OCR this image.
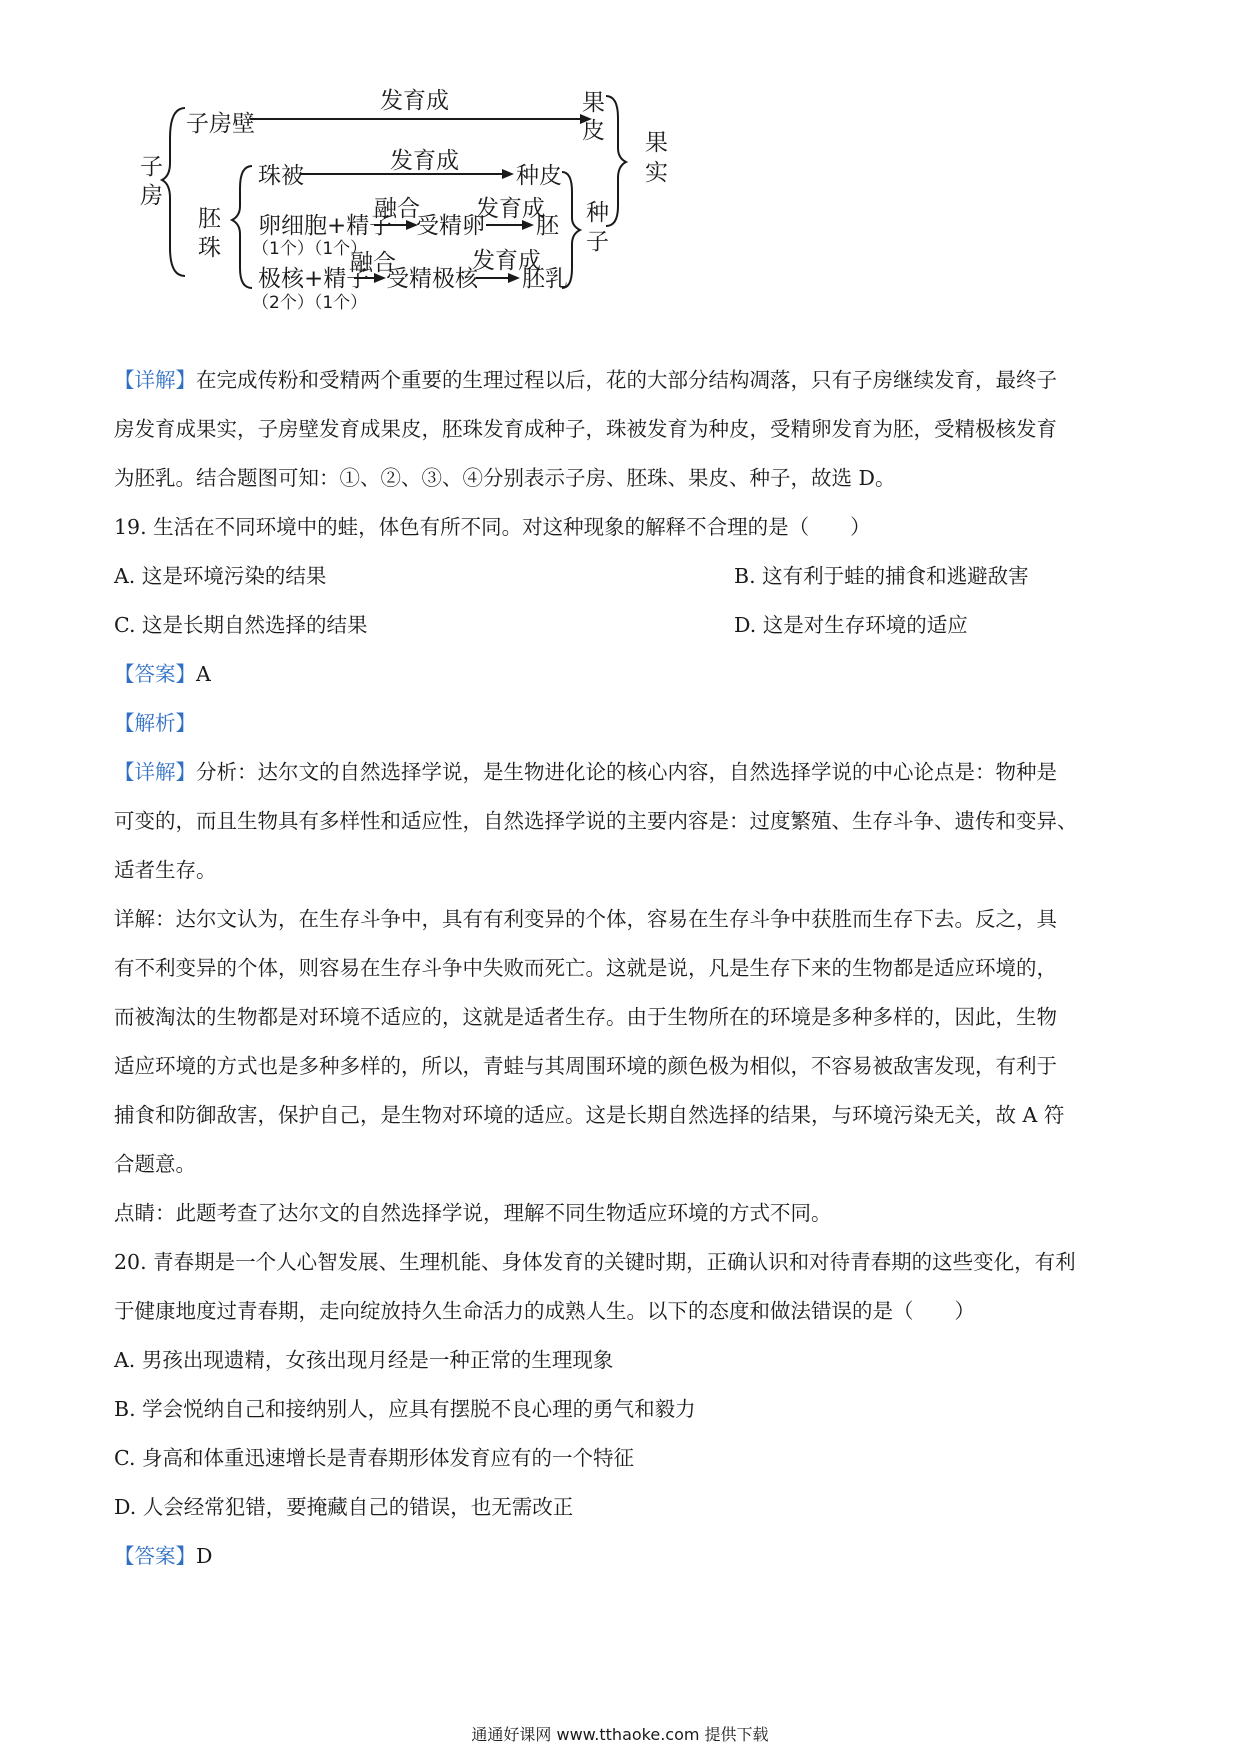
子
房
子房壁
发育成	果
皮 果
实
胚
珠
珠被
发育成
种皮
卵细胞+精子
（1个）（1个）
融合
受精卵
发育成
胚 种
子
极核+精子
（2个）（1个）
融合
受精极核
发育成
胚乳
【详解】在完成传粉和受精两个重要的生理过程以后，花的大部分结构凋落，只有子房继续发育，最终子
房发育成果实，子房壁发育成果皮，胚珠发育成种子，珠被发育为种皮，受精卵发育为胚，受精极核发育
为胚乳。结合题图可知：①、②、③、④分别表示子房、胚珠、果皮、种子，故选 D。
19. 生活在不同环境中的蛙，体色有所不同。对这种现象的解释不合理的是（　　）
A. 这是环境污染的结果	B. 这有利于蛙的捕食和逃避敌害
C. 这是长期自然选择的结果	D. 这是对生存环境的适应
【答案】A
【解析】
【详解】分析：达尔文的自然选择学说，是生物进化论的核心内容，自然选择学说的中心论点是：物种是
可变的，而且生物具有多样性和适应性，自然选择学说的主要内容是：过度繁殖、生存斗争、遗传和变异、
适者生存。
详解：达尔文认为，在生存斗争中，具有有利变异的个体，容易在生存斗争中获胜而生存下去。反之，具
有不利变异的个体，则容易在生存斗争中失败而死亡。这就是说，凡是生存下来的生物都是适应环境的，
而被淘汰的生物都是对环境不适应的，这就是适者生存。由于生物所在的环境是多种多样的，因此，生物
适应环境的方式也是多种多样的，所以，青蛙与其周围环境的颜色极为相似，不容易被敌害发现，有利于
捕食和防御敌害，保护自己，是生物对环境的适应。这是长期自然选择的结果，与环境污染无关，故 A 符
合题意。
点睛：此题考查了达尔文的自然选择学说，理解不同生物适应环境的方式不同。
20. 青春期是一个人心智发展、生理机能、身体发育的关键时期，正确认识和对待青春期的这些变化，有利
于健康地度过青春期，走向绽放持久生命活力的成熟人生。以下的态度和做法错误的是（　　）
A. 男孩出现遗精，女孩出现月经是一种正常的生理现象
B. 学会悦纳自己和接纳别人，应具有摆脱不良心理的勇气和毅力
C. 身高和体重迅速增长是青春期形体发育应有的一个特征
D. 人会经常犯错，要掩藏自己的错误，也无需改正
【答案】D
通通好课网 www.tthaoke.com 提供下载
